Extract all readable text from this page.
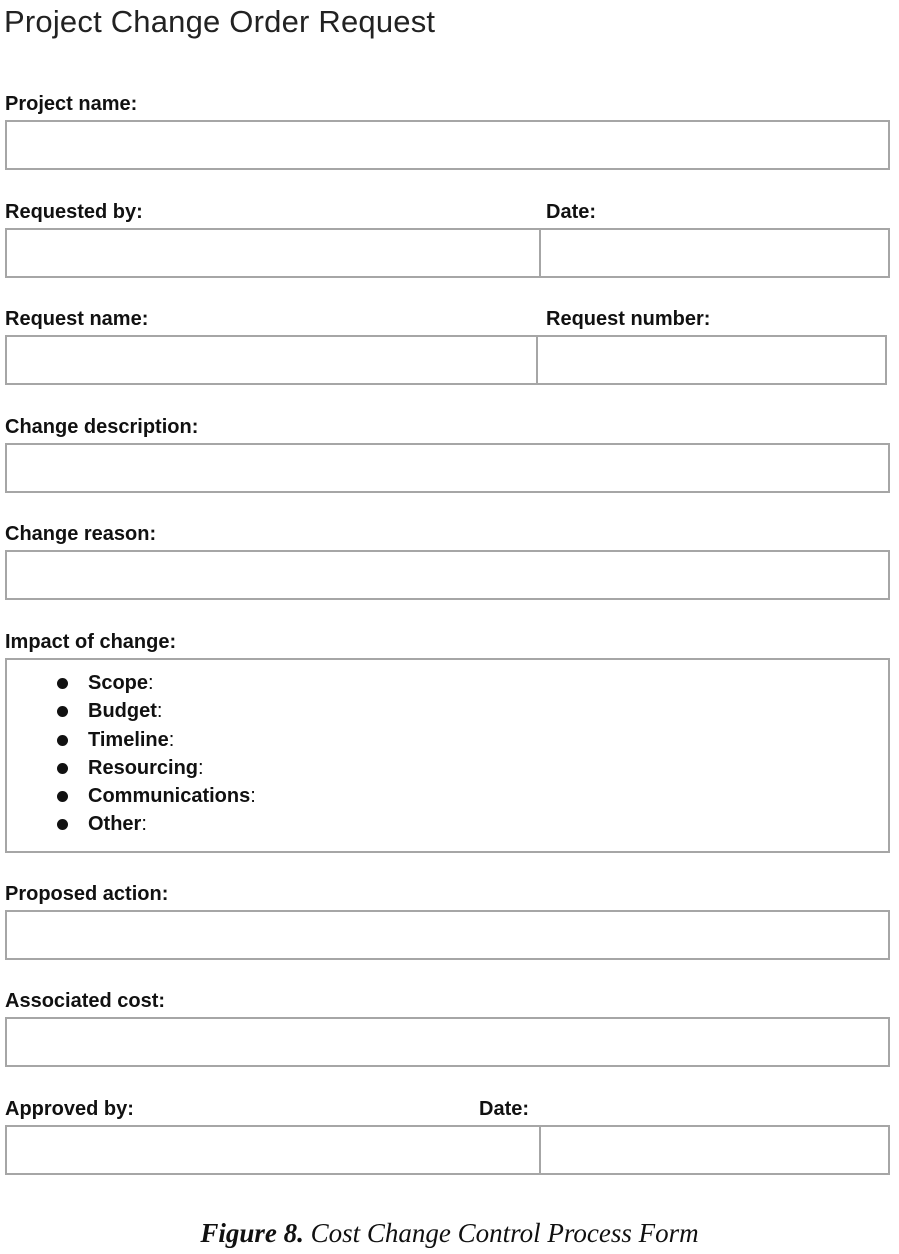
Project Change Order Request
Project name:
Requested by:	Date:
Request name:	Request number:
Change description:
Change reason:
Impact of change:
Scope:
Budget:
Timeline:
Resourcing:
Communications:
Other:
Proposed action:
Associated cost:
Approved by:	Date:
Figure 8. Cost Change Control Process Form
